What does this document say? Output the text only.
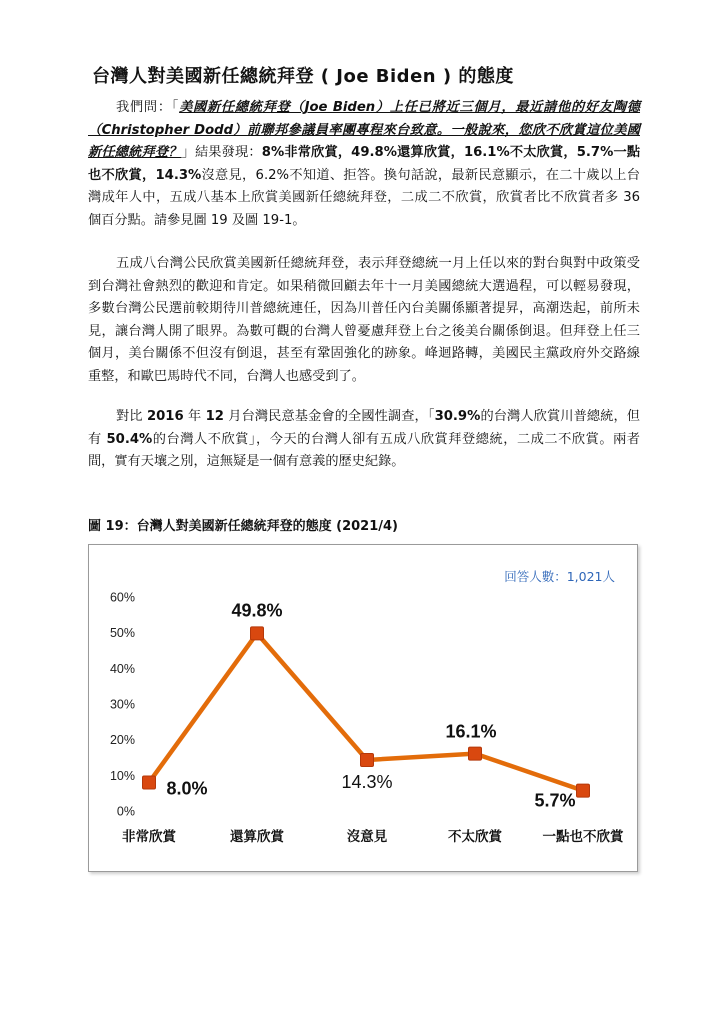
台灣人對美國新任總統拜登 ( Joe Biden ) 的態度
我們問：「美國新任總統拜登（Joe Biden）上任已將近三個月，最近請他的好友陶德（Christopher Dodd）前聯邦參議員率團專程來台致意。一般說來，您欣不欣賞這位美國新任總統拜登？」結果發現：8%非常欣賞，49.8%還算欣賞，16.1%不太欣賞，5.7%一點也不欣賞，14.3%沒意見，6.2%不知道、拒答。換句話說，最新民意顯示，在二十歲以上台灣成年人中，五成八基本上欣賞美國新任總統拜登，二成二不欣賞，欣賞者比不欣賞者多 36 個百分點。請參見圖 19 及圖 19-1。
五成八台灣公民欣賞美國新任總統拜登，表示拜登總統一月上任以來的對台與對中政策受到台灣社會熱烈的歡迎和肯定。如果稍微回顧去年十一月美國總統大選過程，可以輕易發現，多數台灣公民選前較期待川普總統連任，因為川普任內台美關係顯著提昇，高潮迭起，前所未見，讓台灣人開了眼界。為數可觀的台灣人曾憂慮拜登上台之後美台關係倒退。但拜登上任三個月，美台關係不但沒有倒退，甚至有鞏固強化的跡象。峰迴路轉，美國民主黨政府外交路線重整，和歐巴馬時代不同，台灣人也感受到了。
對比 2016 年 12 月台灣民意基金會的全國性調查，「30.9%的台灣人欣賞川普總統，但有 50.4%的台灣人不欣賞」，今天的台灣人卻有五成八欣賞拜登總統，二成二不欣賞。兩者間，實有天壤之別，這無疑是一個有意義的歷史紀錄。
圖 19：台灣人對美國新任總統拜登的態度 (2021/4)
0%
10%
20%
30%
40%
50%
60%
非常欣賞	還算欣賞	沒意見	不太欣賞	一點也不欣賞
8.0%
49.8%
14.3%
16.1%
5.7%
回答人數：1,021人
